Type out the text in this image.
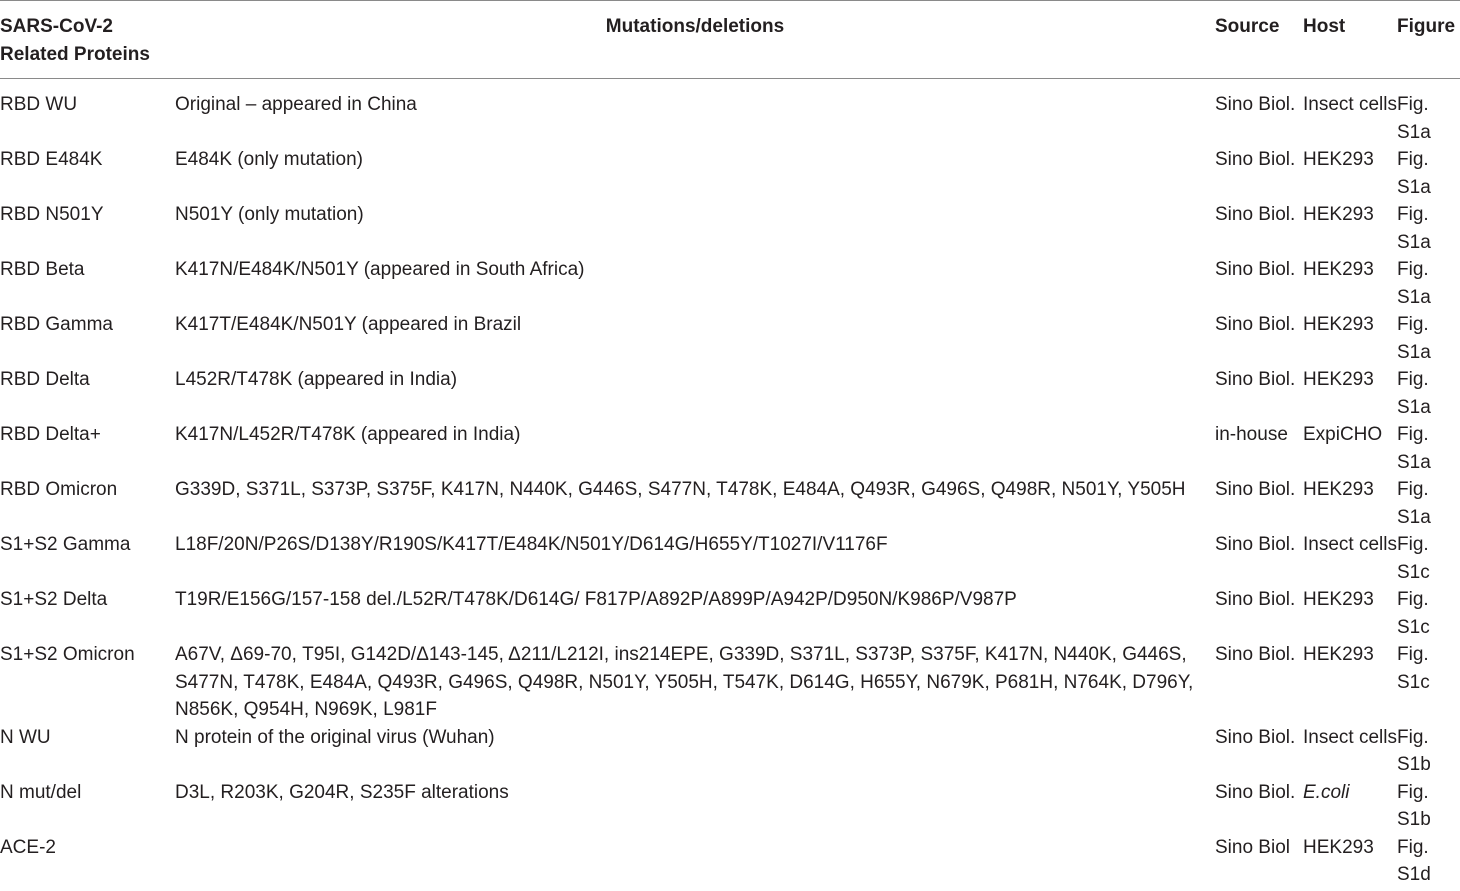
SARS-CoV-2 Related Proteins	Mutations/deletions	Source	Host	Figure
RBD WU	Original – appeared in China	Sino Biol.	Insect cells	Fig. S1a
RBD E484K	E484K (only mutation)	Sino Biol.	HEK293	Fig. S1a
RBD N501Y	N501Y (only mutation)	Sino Biol.	HEK293	Fig. S1a
RBD Beta	K417N/E484K/N501Y (appeared in South Africa)	Sino Biol.	HEK293	Fig. S1a
RBD Gamma	K417T/E484K/N501Y (appeared in Brazil	Sino Biol.	HEK293	Fig. S1a
RBD Delta	L452R/T478K (appeared in India)	Sino Biol.	HEK293	Fig. S1a
RBD Delta+	K417N/L452R/T478K (appeared in India)	in-house	ExpiCHO	Fig. S1a
RBD Omicron	G339D, S371L, S373P, S375F, K417N, N440K, G446S, S477N, T478K, E484A, Q493R, G496S, Q498R, N501Y, Y505H	Sino Biol.	HEK293	Fig. S1a
S1+S2 Gamma	L18F/20N/P26S/D138Y/R190S/K417T/E484K/N501Y/D614G/H655Y/T1027I/V1176F	Sino Biol.	Insect cells	Fig. S1c
S1+S2 Delta	T19R/E156G/157-158 del./L52R/T478K/D614G/ F817P/A892P/A899P/A942P/D950N/K986P/V987P	Sino Biol.	HEK293	Fig. S1c
S1+S2 Omicron	A67V, Δ69-70, T95I, G142D/Δ143-145, Δ211/L212I, ins214EPE, G339D, S371L, S373P, S375F, K417N, N440K, G446S, S477N, T478K, E484A, Q493R, G496S, Q498R, N501Y, Y505H, T547K, D614G, H655Y, N679K, P681H, N764K, D796Y, N856K, Q954H, N969K, L981F	Sino Biol.	HEK293	Fig. S1c
N WU	N protein of the original virus (Wuhan)	Sino Biol.	Insect cells	Fig. S1b
N mut/del	D3L, R203K, G204R, S235F alterations	Sino Biol.	E.coli	Fig. S1b
ACE-2		Sino Biol	HEK293	Fig. S1d
